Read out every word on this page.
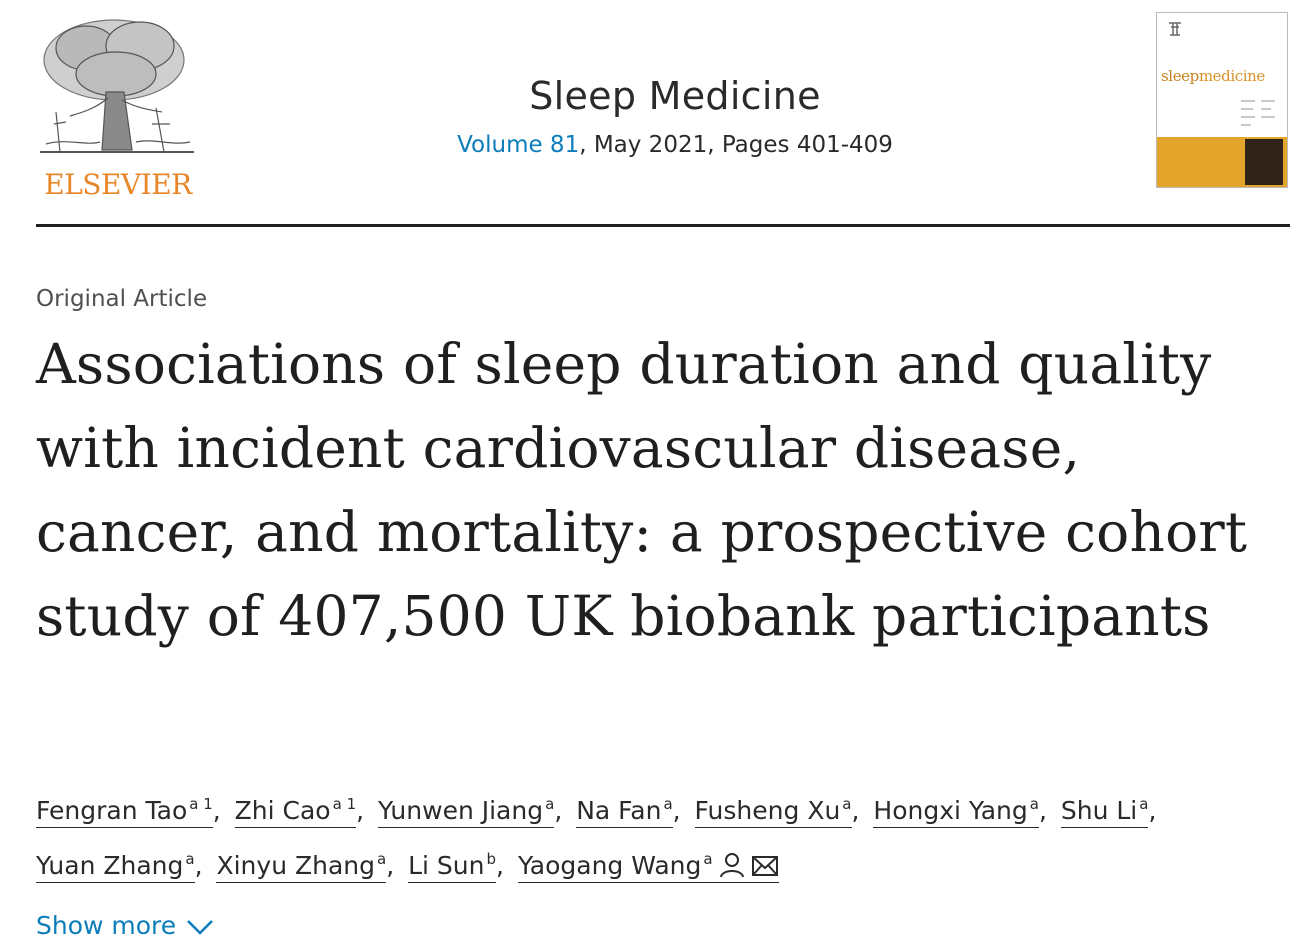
ELSEVIER
Sleep Medicine
Volume 81, May 2021, Pages 401-409
sleepmedicine
Original Article
Associations of sleep duration and quality with incident cardiovascular disease, cancer, and mortality: a prospective cohort study of 407,500 UK biobank participants
Fengran Tao $^{a 1}$, Zhi Cao $^{a 1}$, Yunwen Jiang $^a$, Na Fan $^a$, Fusheng Xu $^a$, Hongxi Yang $^a$, Shu Li $^a$,
Yuan Zhang $^a$, Xinyu Zhang $^a$, Li Sun $^b$, Yaogang Wang $^a$
Show more
